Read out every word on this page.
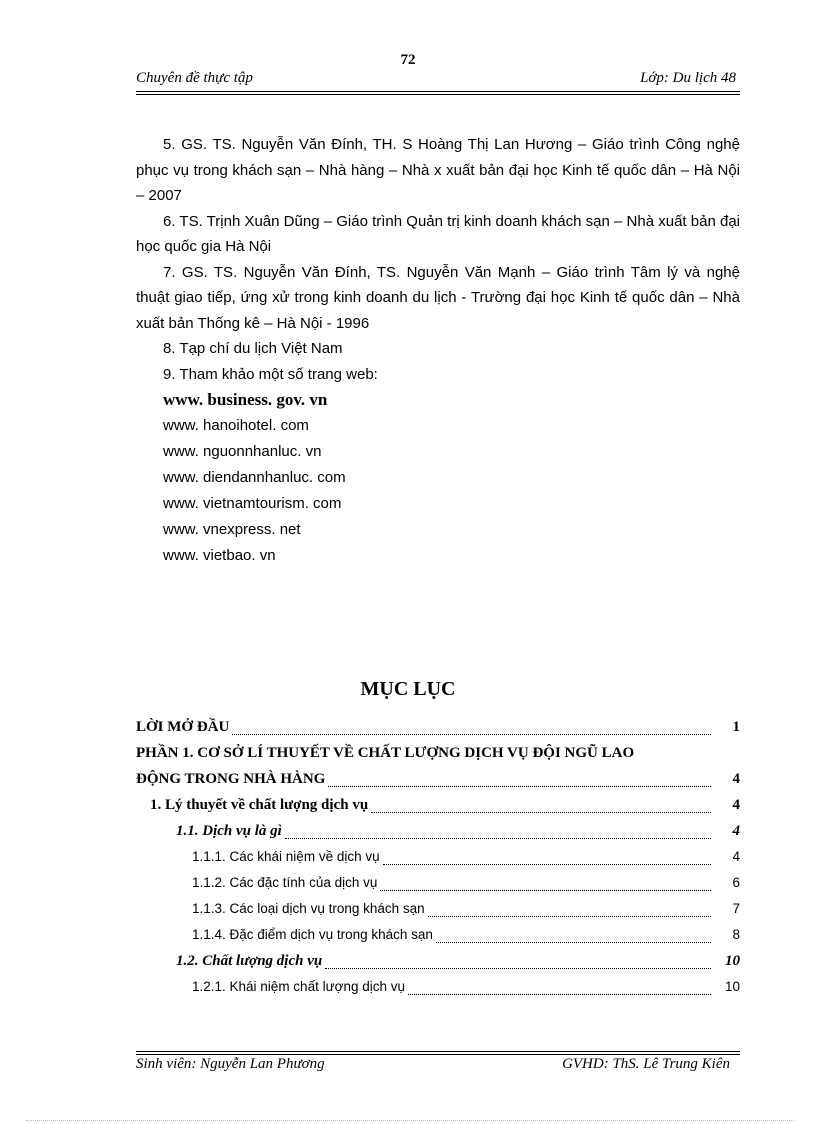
72
Chuyên đề thực tập	Lớp: Du lịch 48

5. GS. TS. Nguyễn Văn Đính, TH. S Hoàng Thị Lan Hương – Giáo trình Công nghệ phục vụ trong khách sạn – Nhà hàng – Nhà x xuất bản đại học Kinh tế quốc dân – Hà Nội – 2007

6. TS. Trịnh Xuân Dũng – Giáo trình Quản trị kinh doanh khách sạn – Nhà xuất bản đại học quốc gia Hà Nội

7. GS. TS. Nguyễn Văn Đính, TS. Nguyễn Văn Mạnh – Giáo trình Tâm lý và nghệ thuật giao tiếp, ứng xử trong kinh doanh du lịch - Trường đại học Kinh tế quốc dân – Nhà xuất bản Thống kê – Hà Nội - 1996

8. Tạp chí du lịch Việt Nam

9. Tham khảo một số trang web:

www. business. gov. vn
www. hanoihotel. com
www. nguonnhanluc. vn
www. diendannhanluc. com
www. vietnamtourism. com
www. vnexpress. net
www. vietbao. vn
MỤC LỤC
LỜI MỞ ĐẦU	1
PHẦN 1. CƠ SỞ LÍ THUYẾT VỀ CHẤT LƯỢNG DỊCH VỤ ĐỘI NGŨ LAO
ĐỘNG TRONG NHÀ HÀNG	4
1. Lý thuyết về chất lượng dịch vụ	4
1.1. Dịch vụ là gì	4
1.1.1. Các khái niệm về dịch vụ	4
1.1.2. Các đặc tính của dịch vụ	6
1.1.3. Các loại dịch vụ trong khách sạn	7
1.1.4. Đặc điểm dịch vụ trong khách sạn	8
1.2. Chất lượng dịch vụ	10
1.2.1. Khái niệm chất lượng dịch vụ	10
Sinh viên: Nguyễn Lan Phương	GVHD: ThS. Lê Trung Kiên
